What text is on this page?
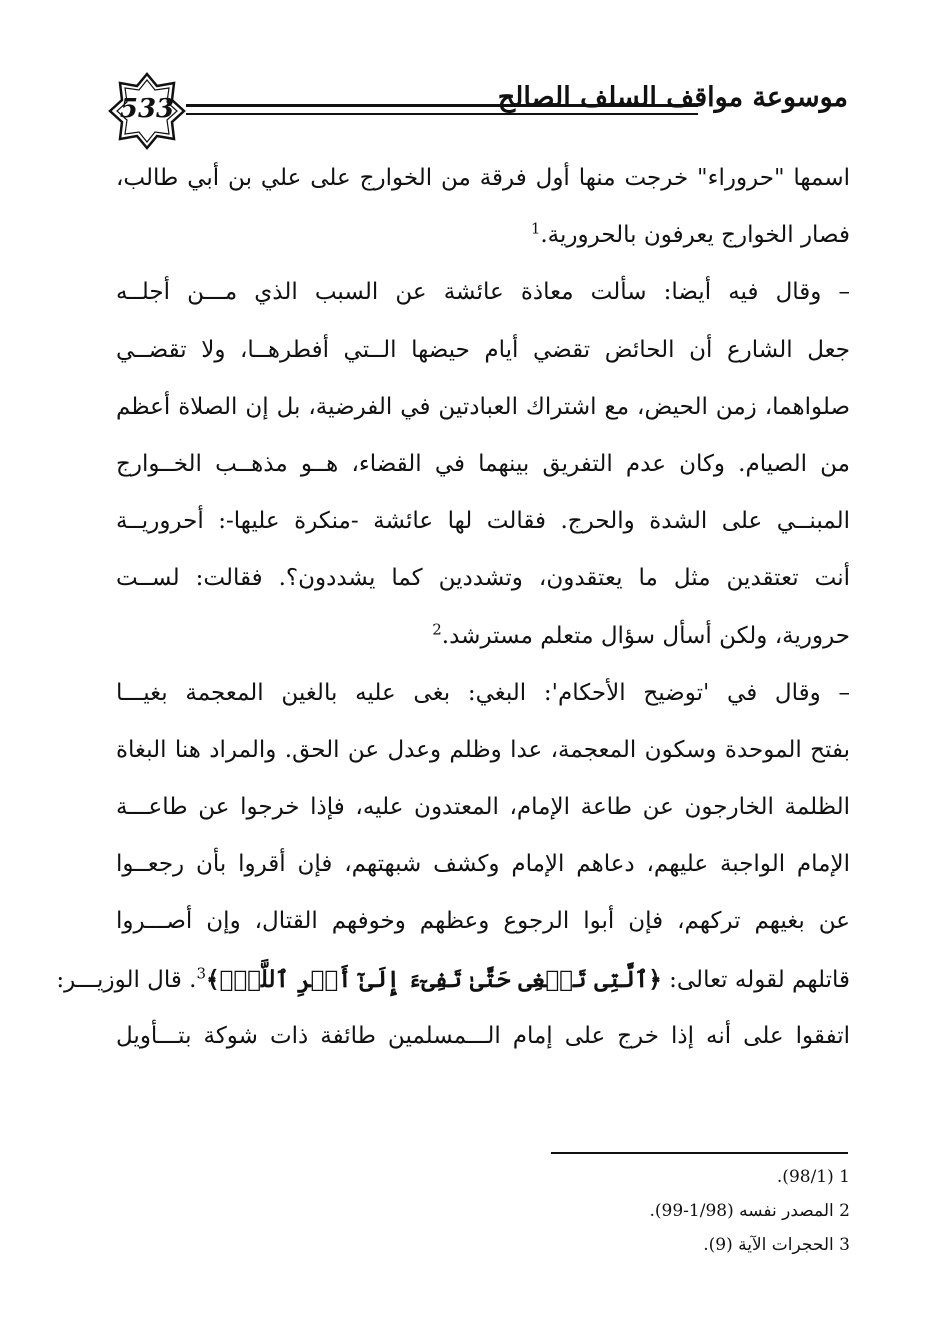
533	موسوعة مواقف السلف الصالح
اسمها "حروراء" خرجت منها أول فرقة من الخوارج على علي بن أبي طالب،
فصار الخوارج يعرفون بالحرورية.$^1$
– وقال فيه أيضا: سألت معاذة عائشة عن السبب الذي مـــن أجلــه
جعل الشارع أن الحائض تقضي أيام حيضها الــتي أفطرهــا، ولا تقضــي
صلواهما، زمن الحيض، مع اشتراك العبادتين في الفرضية، بل إن الصلاة أعظم
من الصيام. وكان عدم التفريق بينهما في القضاء، هــو مذهــب الخــوارج
المبنــي على الشدة والحرج. فقالت لها عائشة -منكرة عليها-: أحروريــة
أنت تعتقدين مثل ما يعتقدون، وتشددين كما يشددون؟. فقالت: لســت
حرورية، ولكن أسأل سؤال متعلم مسترشد.$^2$
– وقال في 'توضيح الأحكام': البغي: بغى عليه بالغين المعجمة بغيـــا
بفتح الموحدة وسكون المعجمة، عدا وظلم وعدل عن الحق. والمراد هنا البغاة
الظلمة الخارجون عن طاعة الإمام، المعتدون عليه، فإذا خرجوا عن طاعـــة
الإمام الواجبة عليهم، دعاهم الإمام وكشف شبهتهم، فإن أقروا بأن رجعــوا
عن بغيهم تركهم، فإن أبوا الرجوع وعظهم وخوفهم القتال، وإن أصـــروا
قاتلهم لقوله تعالى: ﴿ٱلَّتِى تَبۡغِى حَتَّىٰ تَفِىٓءَ إِلَىٰٓ أَمۡرِ ٱللَّهِۚ﴾$^3$. قال الوزيـــر:
اتفقوا على أنه إذا خرج على إمام الـــمسلمين طائفة ذات شوكة بتـــأويل
1 (98/1).
2 المصدر نفسه (1/98-99).
3 الحجرات الآية (9).
